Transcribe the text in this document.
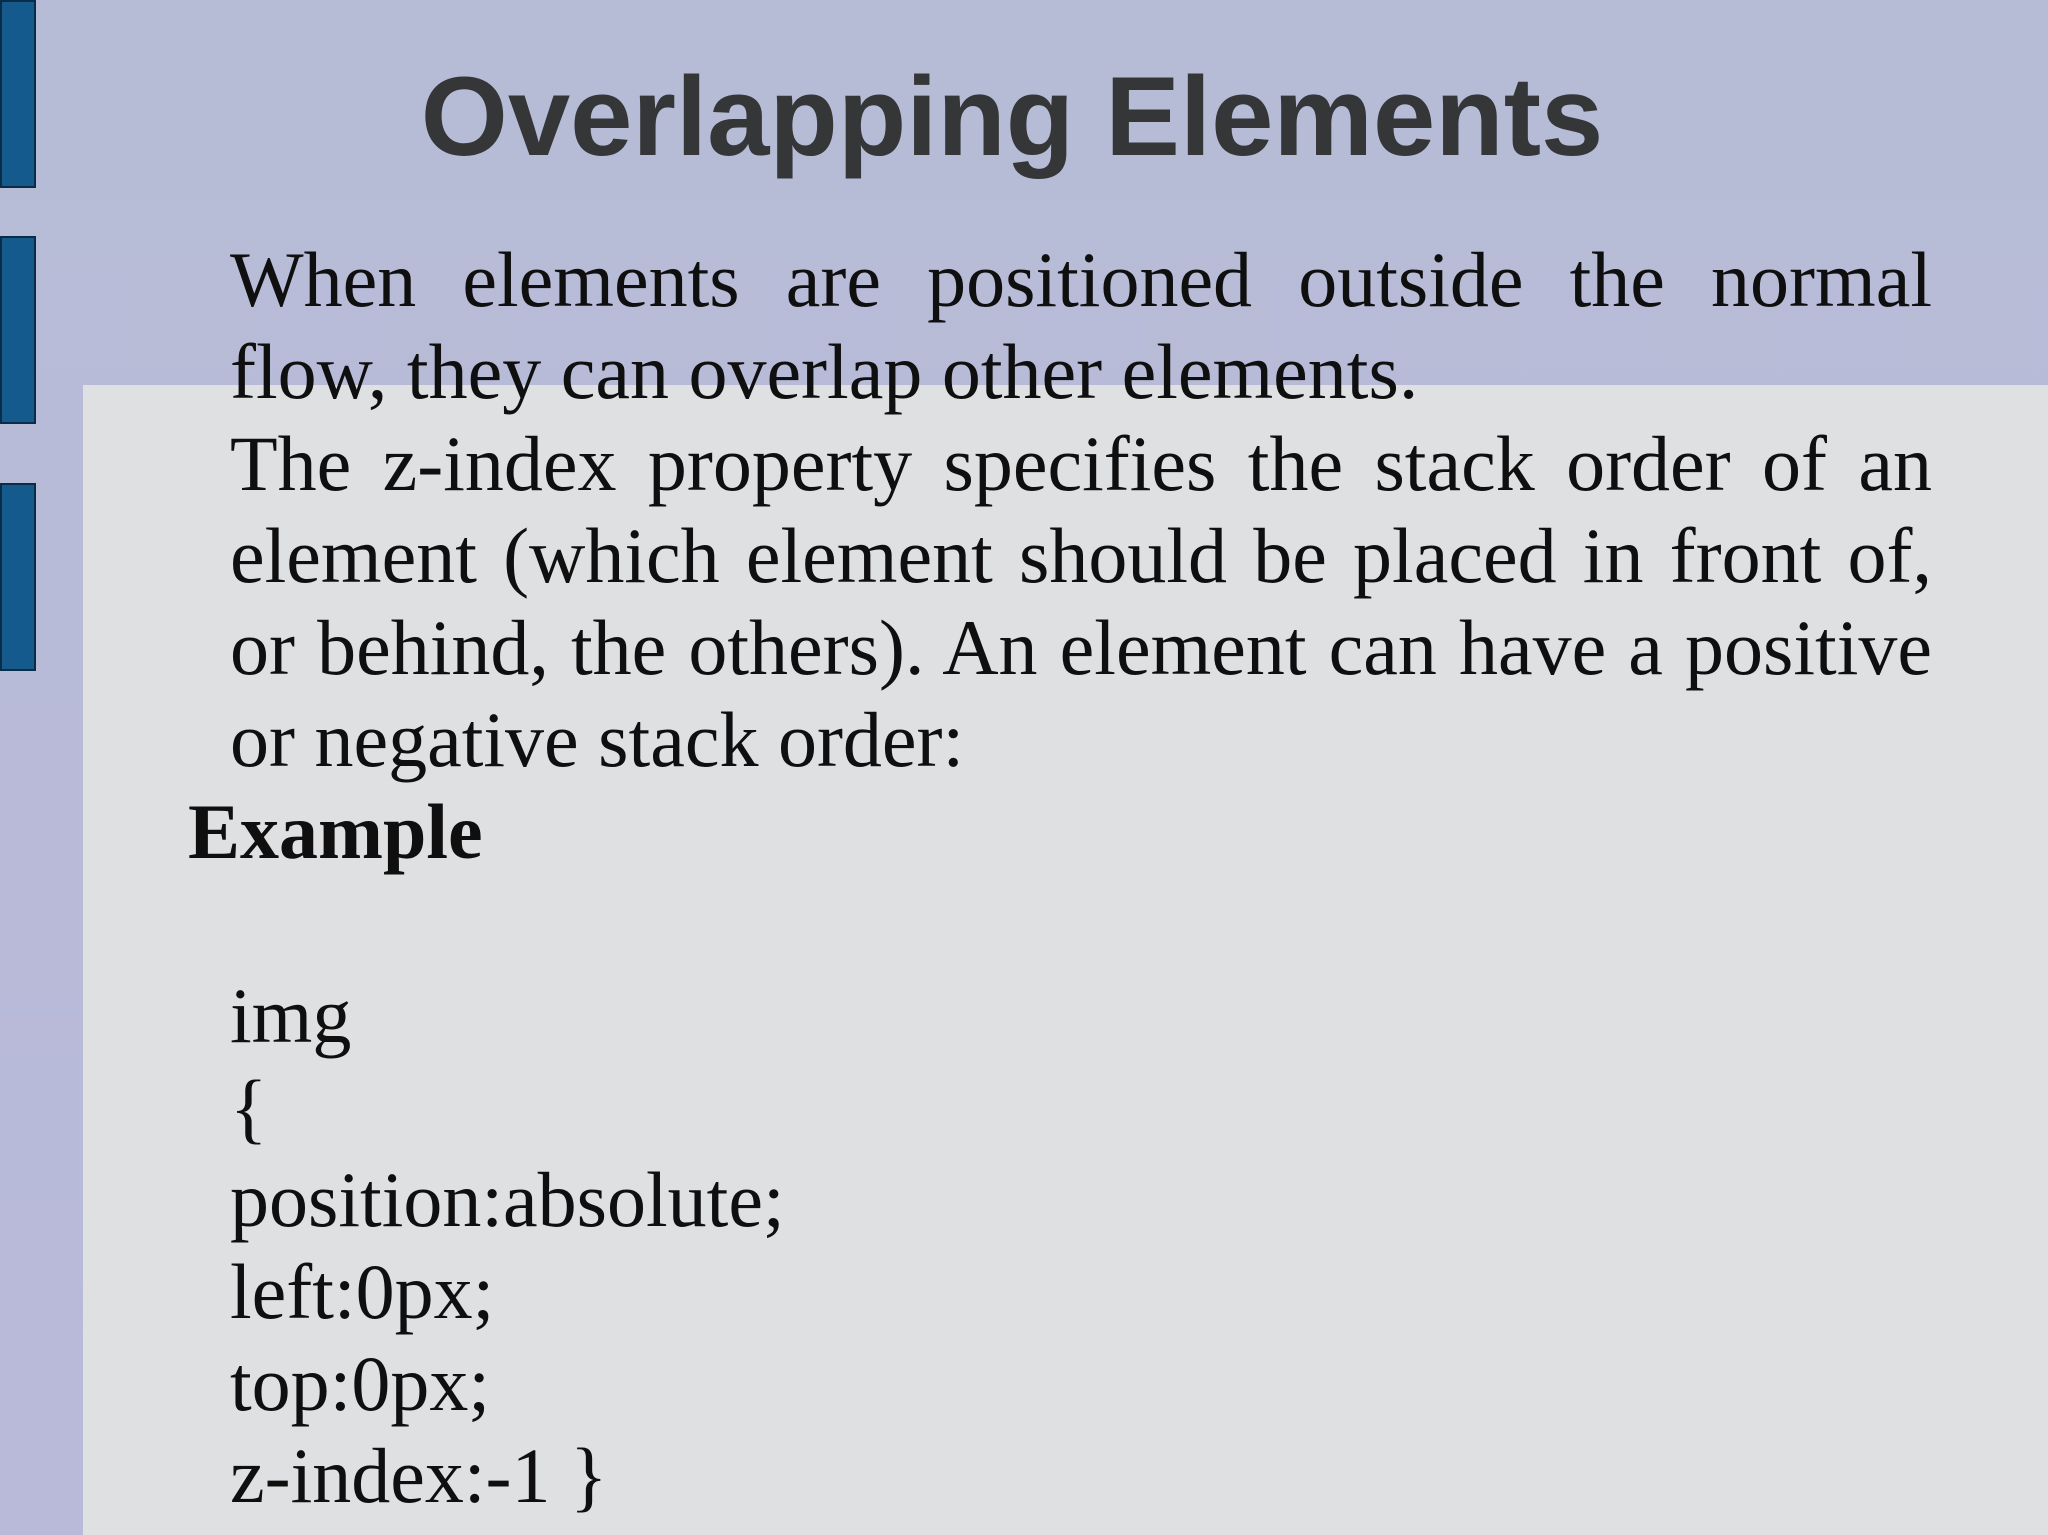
Overlapping Elements

When elements are positioned outside the normal flow, they can overlap other elements.

The z-index property specifies the stack order of an element (which element should be placed in front of, or behind, the others). An element can have a positive or negative stack order:

Example

img
{
position:absolute;
left:0px;
top:0px;
z-index:-1 }
